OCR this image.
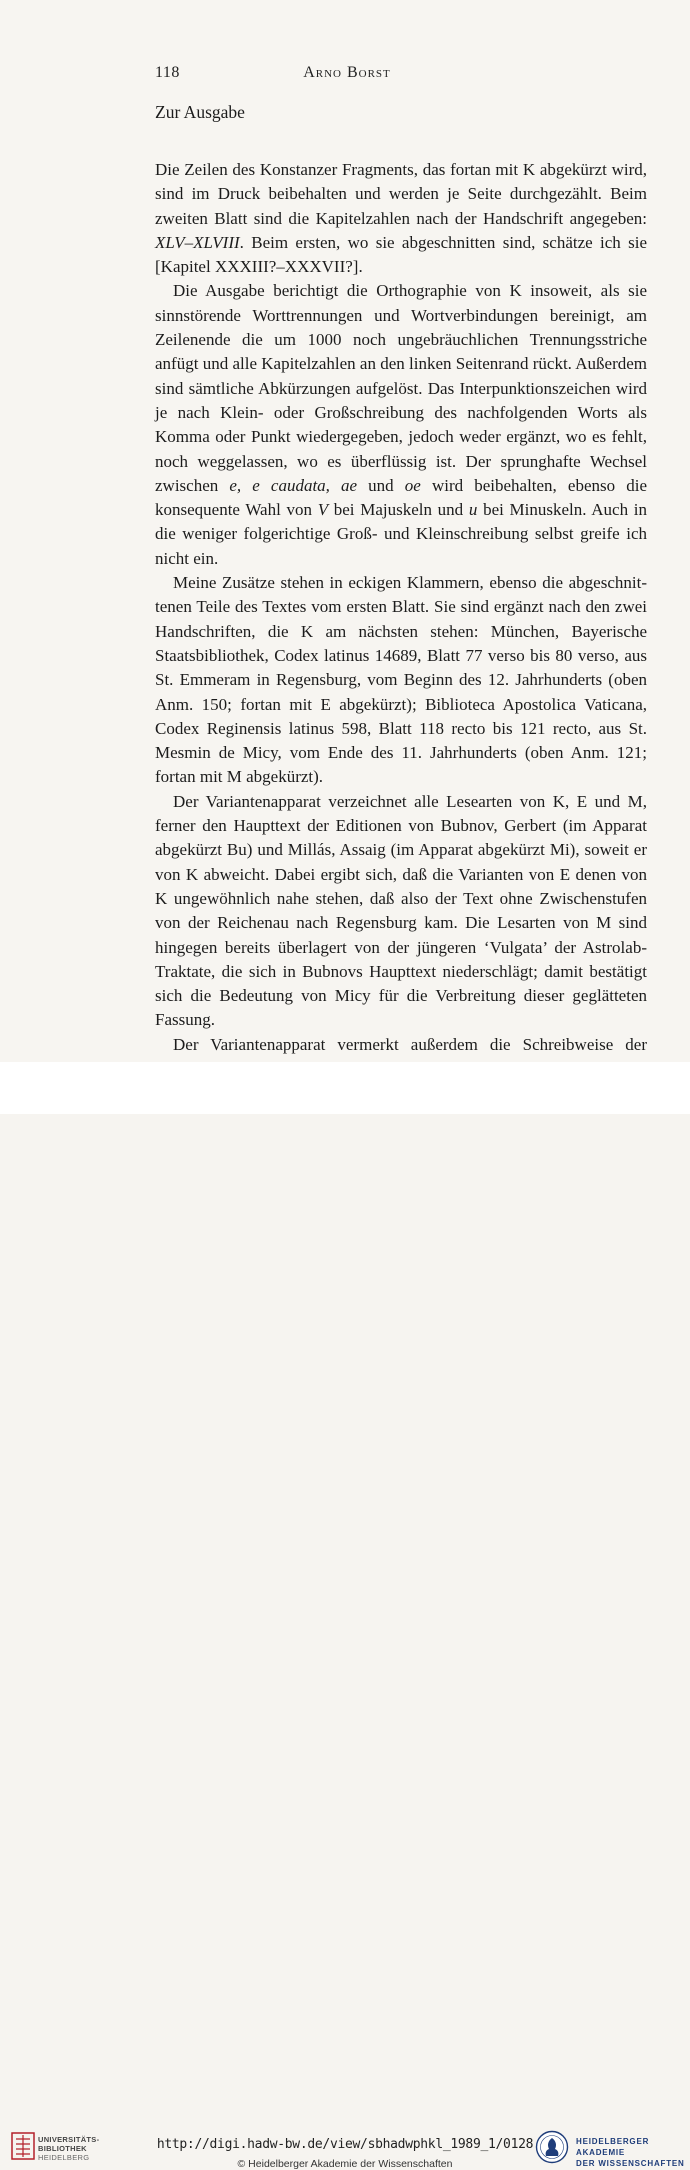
118	Arno Borst
Zur Ausgabe

Die Zeilen des Konstanzer Fragments, das fortan mit K abgekürzt wird, sind im Druck beibehalten und werden je Seite durchgezählt. Beim zweiten Blatt sind die Kapitelzahlen nach der Handschrift angegeben: XLV–XLVIII. Beim ersten, wo sie abgeschnitten sind, schätze ich sie [Kapitel XXXIII?–XXXVII?].

Die Ausgabe berichtigt die Orthographie von K insoweit, als sie sinnstörende Worttrennungen und Wortverbindungen bereinigt, am Zeilenende die um 1000 noch ungebräuchlichen Trennungsstriche anfügt und alle Kapitelzahlen an den linken Seitenrand rückt. Außerdem sind sämtliche Abkürzungen aufgelöst. Das Interpunktionszeichen wird je nach Klein- oder Großschreibung des nachfolgenden Worts als Komma oder Punkt wiedergegeben, jedoch weder ergänzt, wo es fehlt, noch weggelassen, wo es überflüssig ist. Der sprunghafte Wechsel zwischen e, e caudata, ae und oe wird beibehalten, ebenso die konsequente Wahl von V bei Majuskeln und u bei Minuskeln. Auch in die weniger folgerichtige Groß- und Kleinschreibung selbst greife ich nicht ein.

Meine Zusätze stehen in eckigen Klammern, ebenso die abgeschnittenen Teile des Textes vom ersten Blatt. Sie sind ergänzt nach den zwei Handschriften, die K am nächsten stehen: München, Bayerische Staatsbibliothek, Codex latinus 14689, Blatt 77 verso bis 80 verso, aus St. Emmeram in Regensburg, vom Beginn des 12. Jahrhunderts (oben Anm. 150; fortan mit E abgekürzt); Biblioteca Apostolica Vaticana, Codex Reginensis latinus 598, Blatt 118 recto bis 121 recto, aus St. Mesmin de Micy, vom Ende des 11. Jahrhunderts (oben Anm. 121; fortan mit M abgekürzt).

Der Variantenapparat verzeichnet alle Lesearten von K, E und M, ferner den Haupttext der Editionen von Bubnov, Gerbert (im Apparat abgekürzt Bu) und Millás, Assaig (im Apparat abgekürzt Mi), soweit er von K abweicht. Dabei ergibt sich, daß die Varianten von E denen von K ungewöhnlich nahe stehen, daß also der Text ohne Zwischenstufen von der Reichenau nach Regensburg kam. Die Lesarten von M sind hingegen bereits überlagert von der jüngeren ‘Vulgata’ der AstrolabTraktate, die sich in Bubnovs Haupttext niederschlägt; damit bestätigt sich die Bedeutung von Micy für die Verbreitung dieser geglätteten Fassung.

Der Variantenapparat vermerkt außerdem die Schreibweise der

UNIVERSITÄTS-
BIBLIOTHEK
HEIDELBERG
http://digi.hadw-bw.de/view/sbhadwphkl_1989_1/0128
© Heidelberger Akademie der Wissenschaften
HEIDELBERGER AKADEMIE
DER WISSENSCHAFTEN
